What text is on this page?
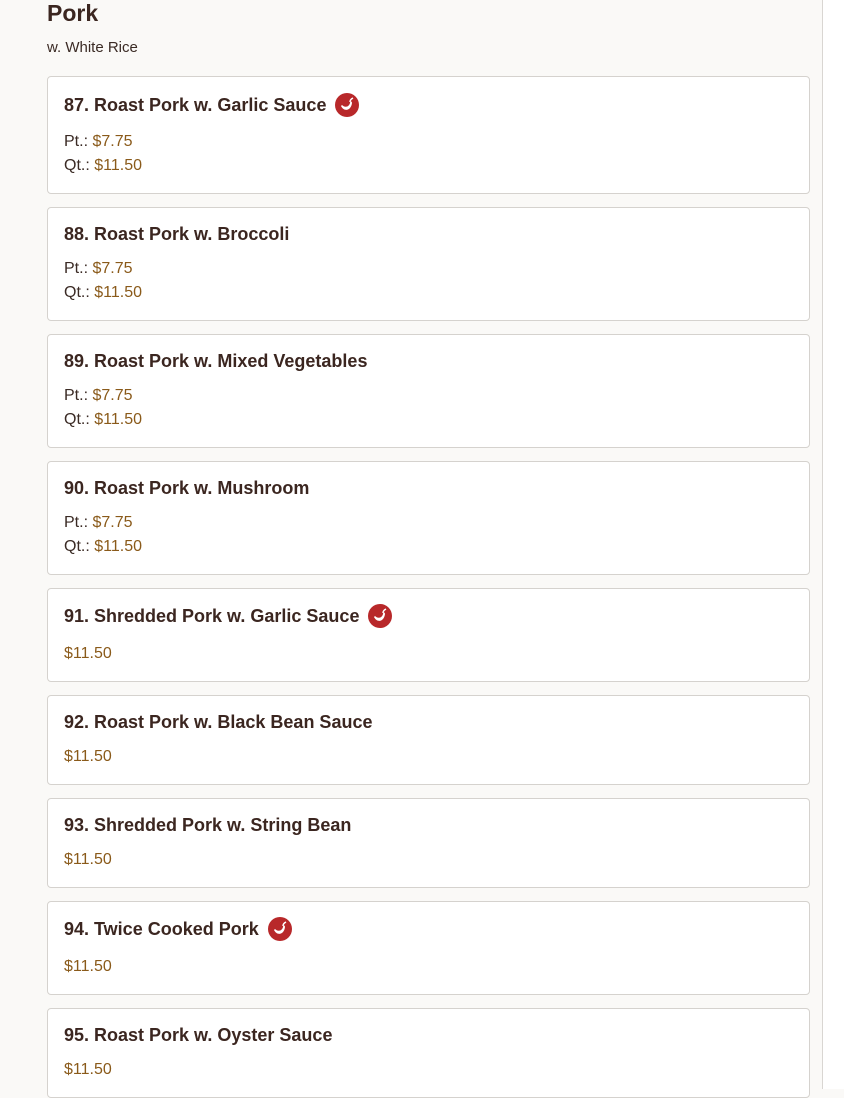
Pork
w. White Rice
87. Roast Pork w. Garlic Sauce
Pt.: $7.75
Qt.: $11.50
88. Roast Pork w. Broccoli
Pt.: $7.75
Qt.: $11.50
89. Roast Pork w. Mixed Vegetables
Pt.: $7.75
Qt.: $11.50
90. Roast Pork w. Mushroom
Pt.: $7.75
Qt.: $11.50
91. Shredded Pork w. Garlic Sauce
$11.50
92. Roast Pork w. Black Bean Sauce
$11.50
93. Shredded Pork w. String Bean
$11.50
94. Twice Cooked Pork
$11.50
95. Roast Pork w. Oyster Sauce
$11.50
